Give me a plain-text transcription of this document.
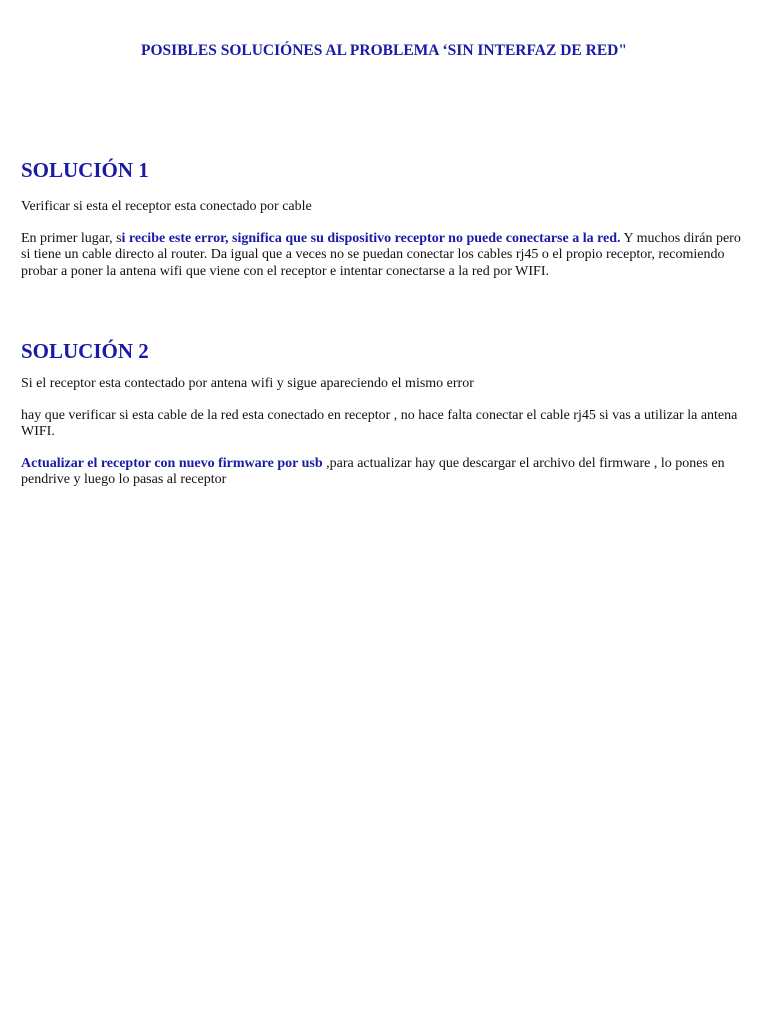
POSIBLES SOLUCIÓNES AL PROBLEMA ‘SIN INTERFAZ DE RED"
SOLUCIÓN 1

Verificar si esta el receptor esta conectado por cable

En primer lugar, si recibe este error, significa que su dispositivo receptor no puede conectarse a la red. Y muchos dirán pero si tiene un cable directo al router. Da igual que a veces no se puedan conectar los cables rj45 o el propio receptor, recomiendo probar a poner la antena wifi que viene con el receptor e intentar conectarse a la red por WIFI.

SOLUCIÓN 2

Si el receptor esta contectado por antena wifi y sigue apareciendo el mismo error

hay que verificar si esta cable de la red esta conectado en receptor , no hace falta conectar el cable rj45 si vas a utilizar la antena WIFI.

Actualizar el receptor con nuevo firmware por usb ,para actualizar hay que descargar el archivo del firmware , lo pones en pendrive y luego lo pasas al receptor
